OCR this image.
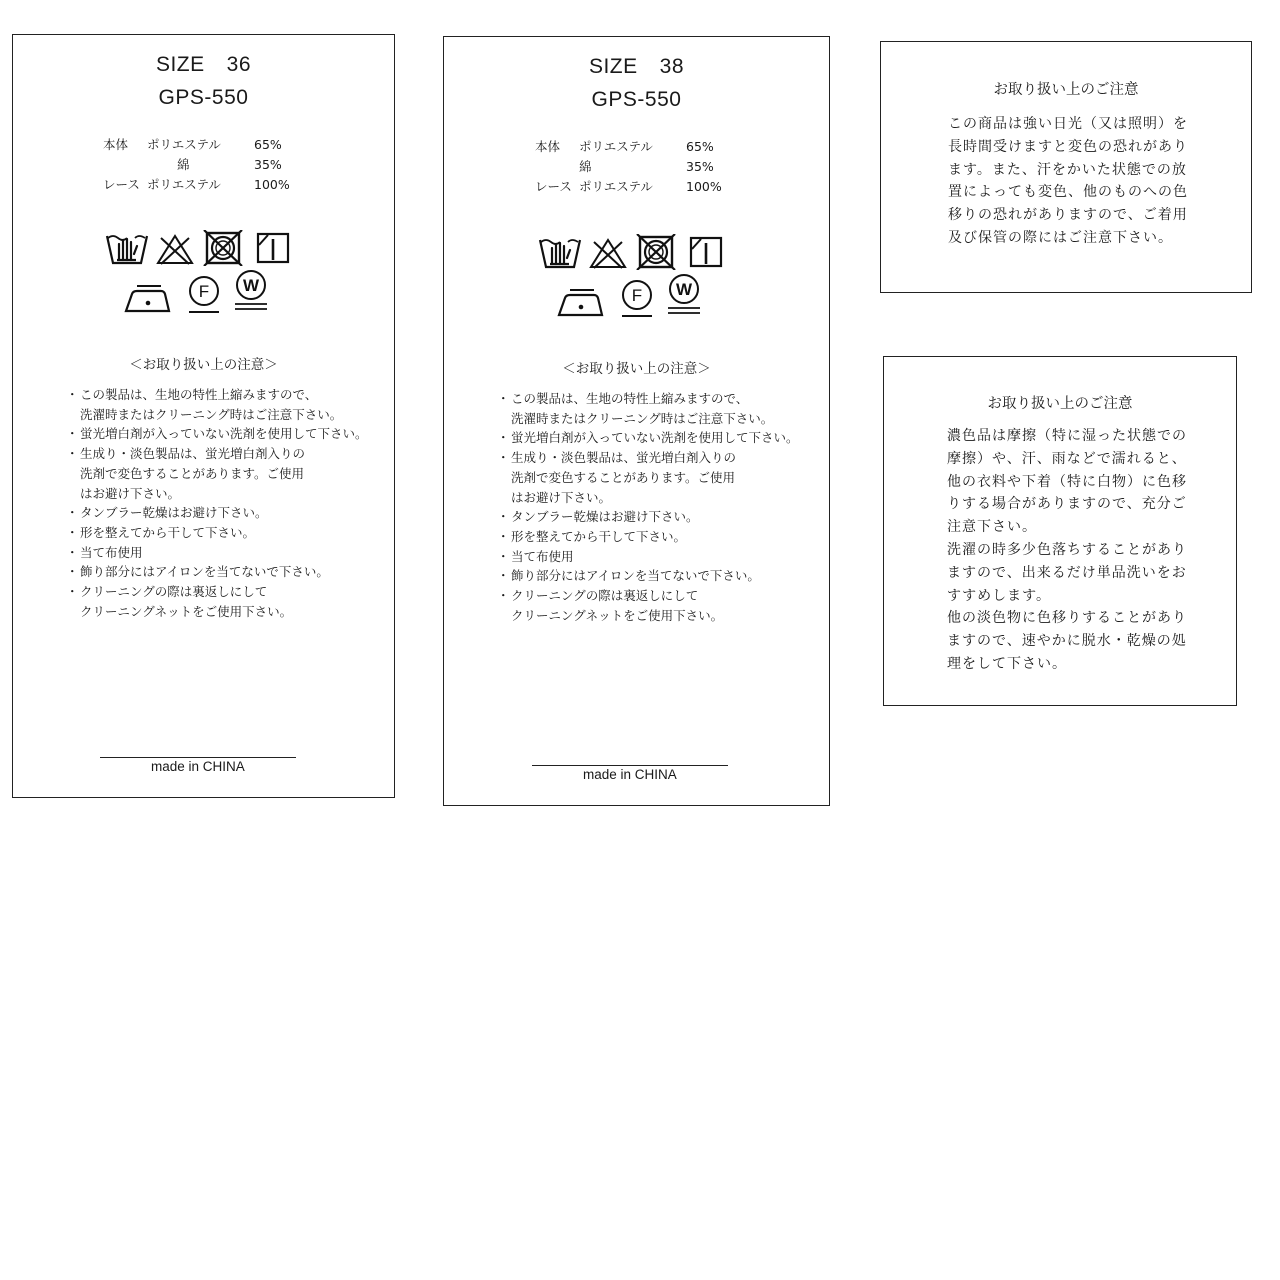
SIZE 36
GPS-550
本体	ポリエステル	65%
綿	35%
レース ポリエステル	100%
F W
＜お取り扱い上の注意＞
・ この製品は、生地の特性上縮みますので、
洗濯時またはクリーニング時はご注意下さい。
・ 蛍光増白剤が入っていない洗剤を使用して下さい。
・ 生成り・淡色製品は、蛍光増白剤入りの
洗剤で変色することがあります。ご使用
はお避け下さい。
・ タンブラー乾燥はお避け下さい。
・ 形を整えてから干して下さい。
・ 当て布使用
・ 飾り部分にはアイロンを当てないで下さい。
・ クリーニングの際は裏返しにして
クリーニングネットをご使用下さい。
made in CHINA
SIZE 38
GPS-550
本体	ポリエステル	65%
綿	35%
レース ポリエステル	100%
F W
＜お取り扱い上の注意＞
・ この製品は、生地の特性上縮みますので、
洗濯時またはクリーニング時はご注意下さい。
・ 蛍光増白剤が入っていない洗剤を使用して下さい。
・ 生成り・淡色製品は、蛍光増白剤入りの
洗剤で変色することがあります。ご使用
はお避け下さい。
・ タンブラー乾燥はお避け下さい。
・ 形を整えてから干して下さい。
・ 当て布使用
・ 飾り部分にはアイロンを当てないで下さい。
・ クリーニングの際は裏返しにして
クリーニングネットをご使用下さい。
made in CHINA
お取り扱い上のご注意
この商品は強い日光（又は照明）を
長時間受けますと変色の恐れがあり
ます。また、汗をかいた状態での放
置によっても変色、他のものへの色
移りの恐れがありますので、ご着用
及び保管の際にはご注意下さい。
お取り扱い上のご注意
濃色品は摩擦（特に湿った状態での
摩擦）や、汗、雨などで濡れると、
他の衣料や下着（特に白物）に色移
りする場合がありますので、充分ご
注意下さい。
洗濯の時多少色落ちすることがあり
ますので、出来るだけ単品洗いをお
すすめします。
他の淡色物に色移りすることがあり
ますので、速やかに脱水・乾燥の処
理をして下さい。
